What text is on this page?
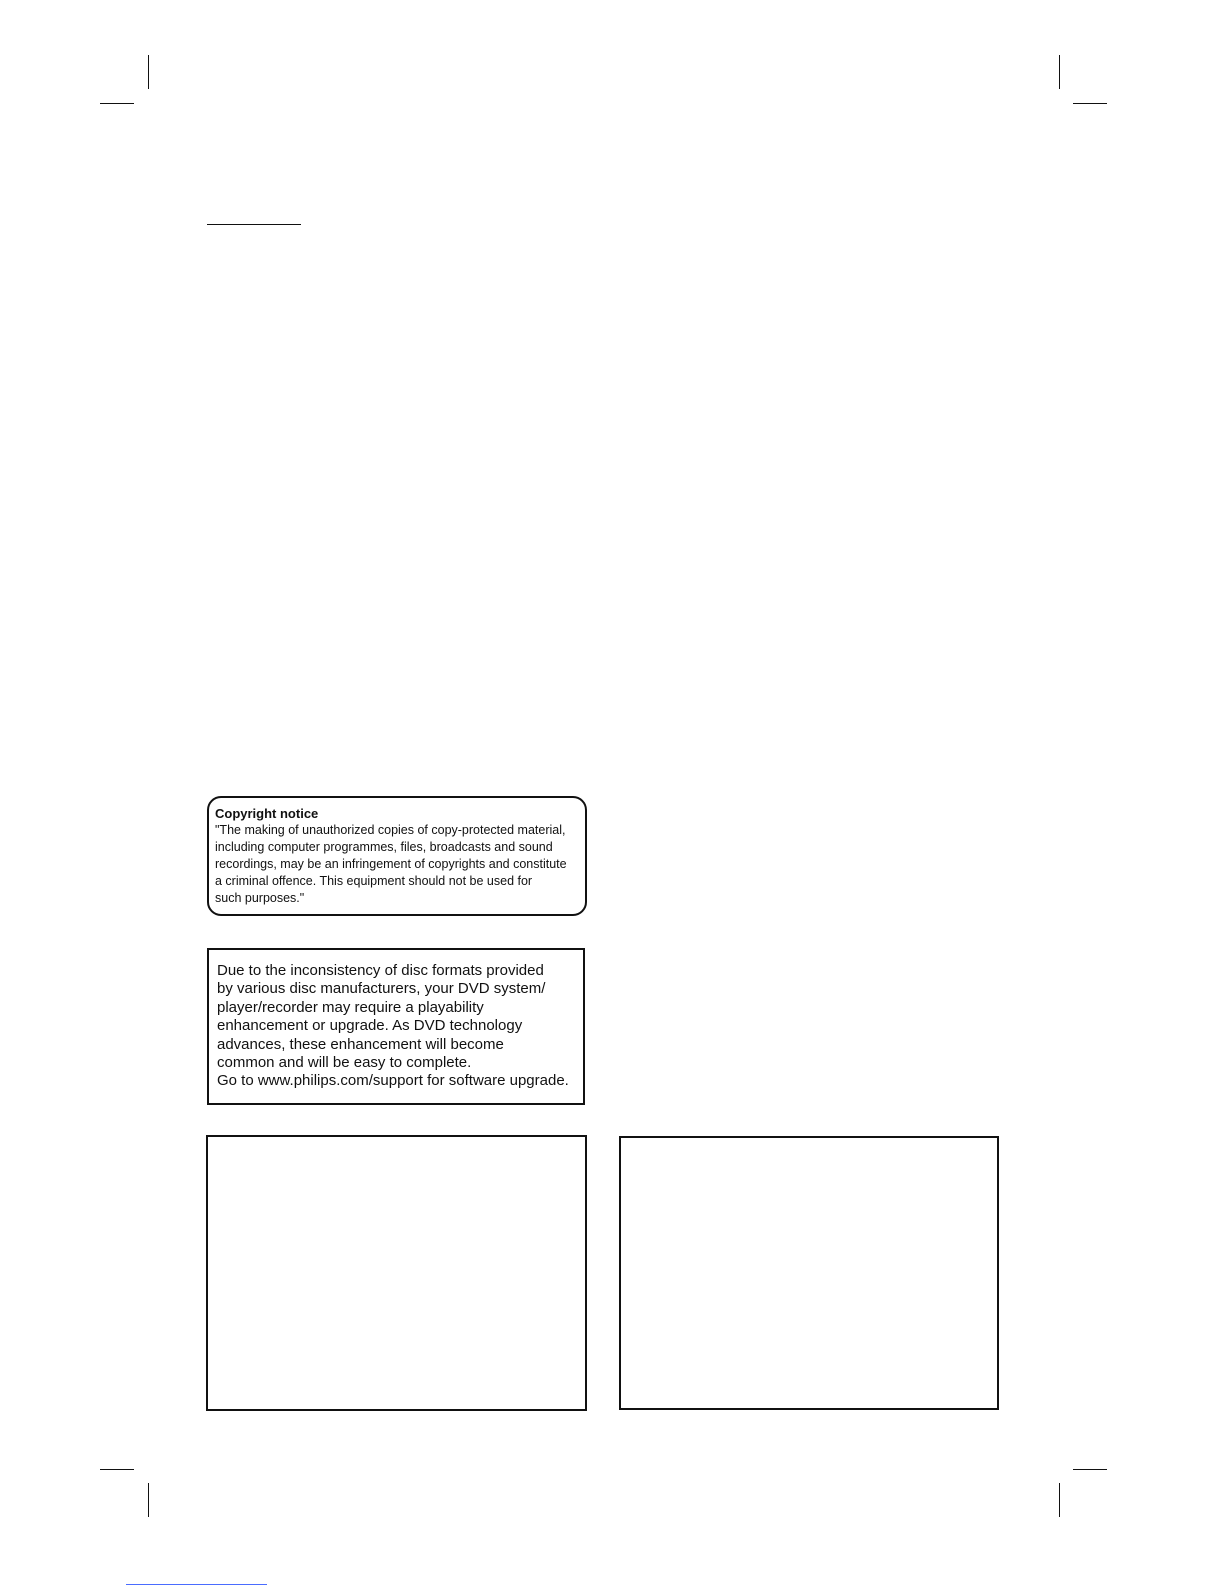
Copyright notice
"The making of unauthorized copies of copy-protected material,
including computer programmes, files, broadcasts and sound
recordings, may be an infringement of copyrights and constitute
a criminal offence. This equipment should not be used for
such purposes."
Due to the inconsistency of disc formats provided
by various disc manufacturers, your DVD system/
player/recorder may require a playability
enhancement or upgrade. As DVD technology
advances, these enhancement will become
common and will be easy to complete.
Go to www.philips.com/support for software upgrade.
